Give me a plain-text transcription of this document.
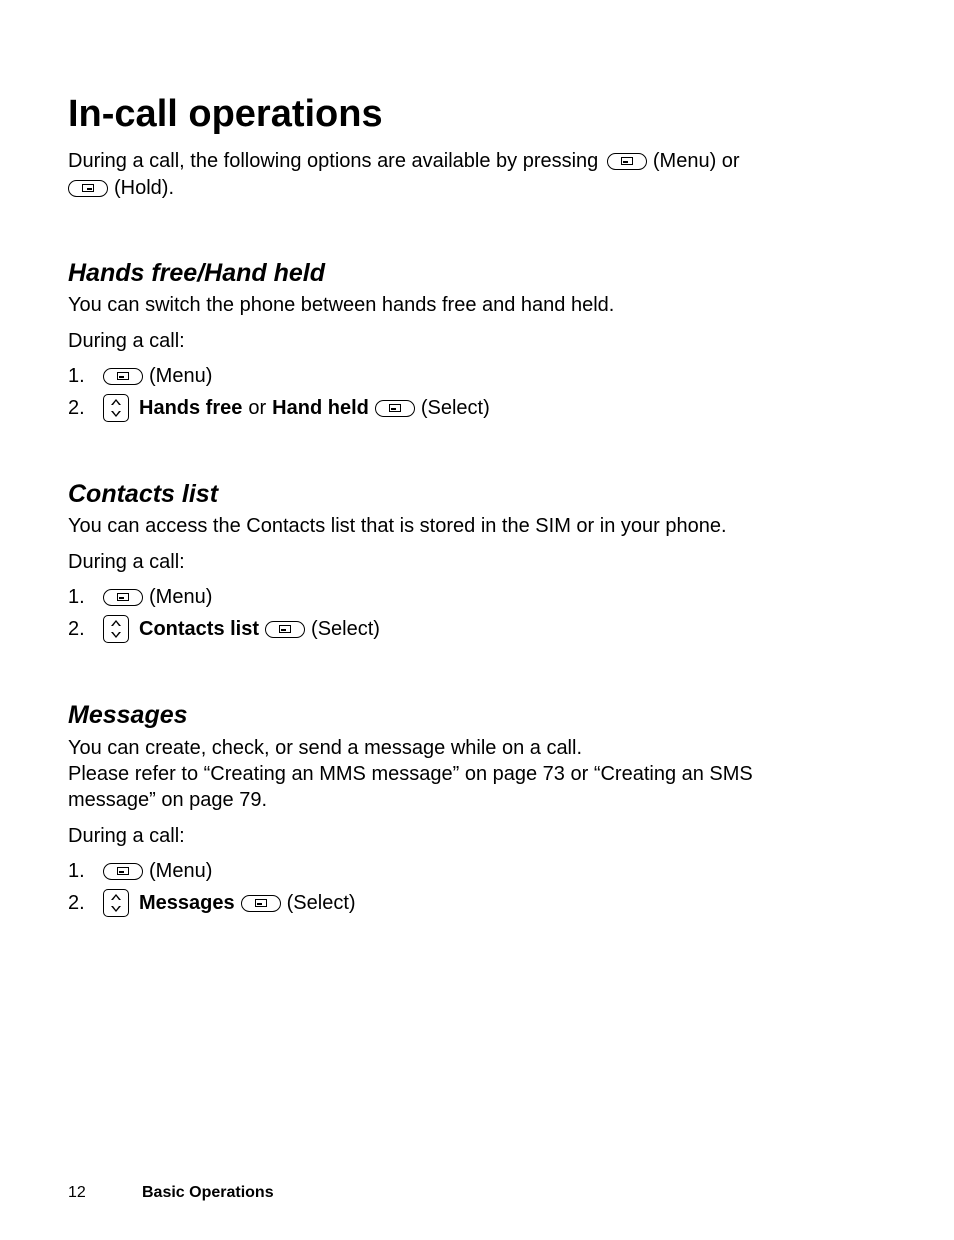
In-call operations

During a call, the following options are available by pressing	(Menu) or

(Hold).

Hands free/Hand held

You can switch the phone between hands free and hand held.

During a call:

1.	(Menu)
2.	Hands free or Hand held	(Select)
Contacts list

You can access the Contacts list that is stored in the SIM or in your phone.

During a call:

1.	(Menu)
2.	Contacts list	(Select)
Messages

You can create, check, or send a message while on a call.

Please refer to “Creating an MMS message” on page 73 or “Creating an SMS

message” on page 79.

During a call:

1.	(Menu)
2.	Messages	(Select)
12	Basic Operations
